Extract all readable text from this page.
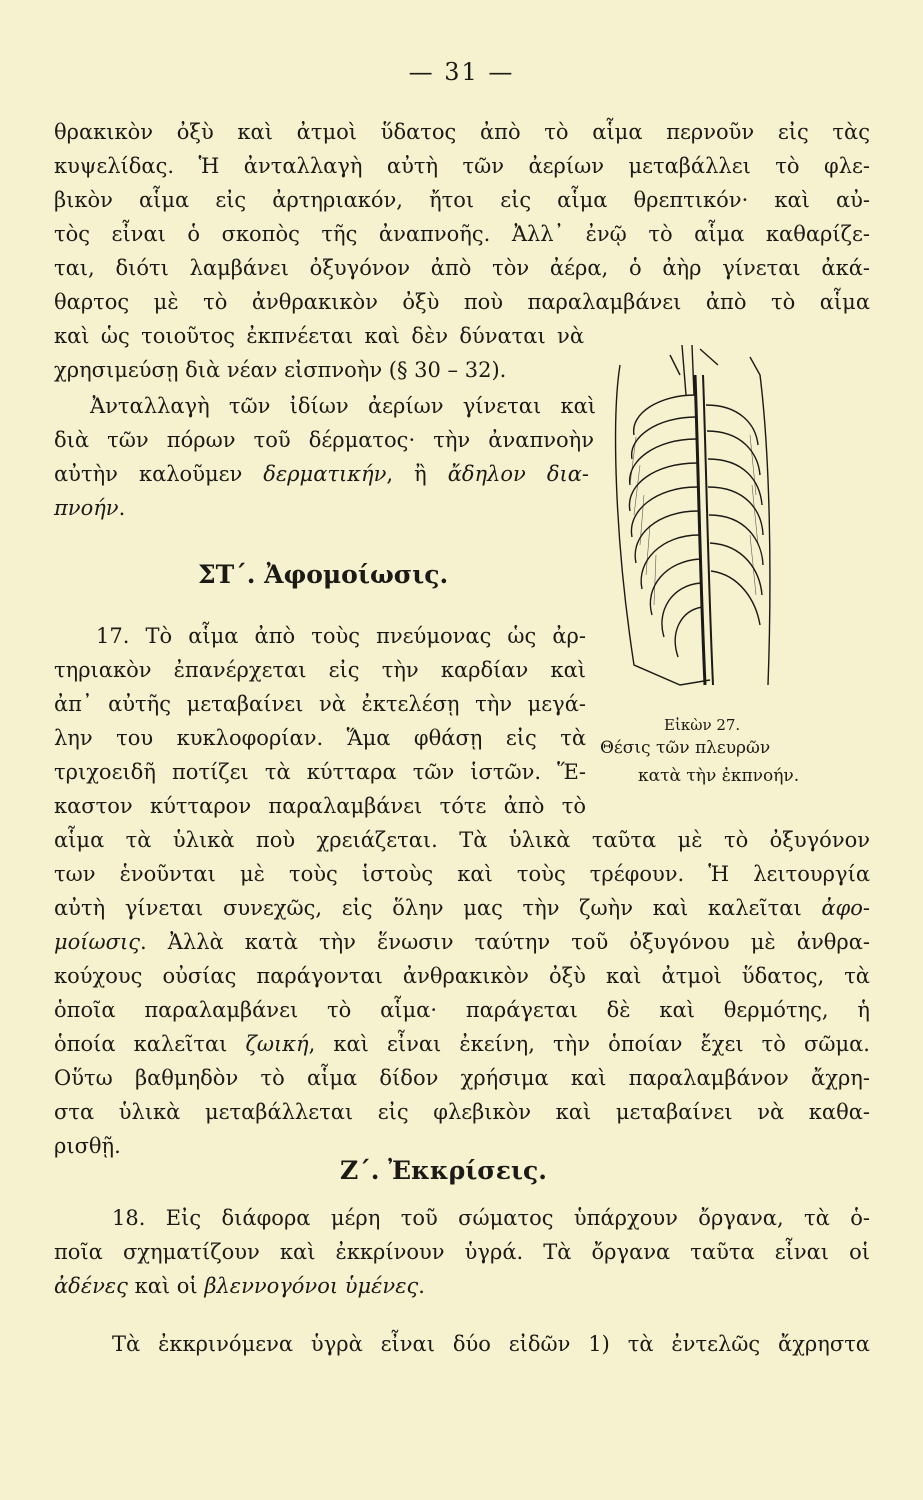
— 31 —
θρακικὸν ὀξὺ καὶ ἀτμοὶ ὕδατος ἀπὸ τὸ αἷμα περνοῦν εἰς τὰς
κυψελίδας. Ἡ ἀνταλλαγὴ αὐτὴ τῶν ἀερίων μεταβάλλει τὸ φλε-
βικὸν αἷμα εἰς ἀρτηριακόν, ἤτοι εἰς αἷμα θρεπτικόν· καὶ αὐ-
τὸς εἶναι ὁ σκοπὸς τῆς ἀναπνοῆς. Ἀλλ᾽ ἐνῷ τὸ αἷμα καθαρίζε-
ται, διότι λαμβάνει ὀξυγόνον ἀπὸ τὸν ἀέρα, ὁ ἀὴρ γίνεται ἀκά-
θαρτος μὲ τὸ ἀνθρακικὸν ὀξὺ ποὺ παραλαμβάνει ἀπὸ τὸ αἷμα
καὶ ὡς τοιοῦτος ἐκπνέεται καὶ δὲν δύναται νὰ
χρησιμεύσῃ διὰ νέαν εἰσπνοὴν (§ 30 – 32).
Ἀνταλλαγὴ τῶν ἰδίων ἀερίων γίνεται καὶ
διὰ τῶν πόρων τοῦ δέρματος· τὴν ἀναπνοὴν
αὐτὴν καλοῦμεν δερματικήν, ἢ ἄδηλον δια-
πνοήν.
ΣΤ΄. Ἀφομοίωσις.
17. Τὸ αἷμα ἀπὸ τοὺς πνεύμονας ὡς ἀρ-
τηριακὸν ἐπανέρχεται εἰς τὴν καρδίαν καὶ
ἀπ᾽ αὐτῆς μεταβαίνει νὰ ἐκτελέσῃ τὴν μεγά-
λην του κυκλοφορίαν. Ἅμα φθάσῃ εἰς τὰ
τριχοειδῆ ποτίζει τὰ κύτταρα τῶν ἱστῶν. Ἕ-
καστον κύτταρον παραλαμβάνει τότε ἀπὸ τὸ
αἷμα τὰ ὑλικὰ ποὺ χρειάζεται. Τὰ ὑλικὰ ταῦτα μὲ τὸ ὀξυγόνον
των ἑνοῦνται μὲ τοὺς ἱστοὺς καὶ τοὺς τρέφουν. Ἡ λειτουργία
αὐτὴ γίνεται συνεχῶς, εἰς ὅλην μας τὴν ζωὴν καὶ καλεῖται ἀφο-
μοίωσις. Ἀλλὰ κατὰ τὴν ἕνωσιν ταύτην τοῦ ὀξυγόνου μὲ ἀνθρα-
κούχους οὐσίας παράγονται ἀνθρακικὸν ὀξὺ καὶ ἀτμοὶ ὕδατος, τὰ
ὁποῖα παραλαμβάνει τὸ αἷμα· παράγεται δὲ καὶ θερμότης, ἡ
ὁποία καλεῖται ζωική, καὶ εἶναι ἐκείνη, τὴν ὁποίαν ἔχει τὸ σῶμα.
Οὕτω βαθμηδὸν τὸ αἷμα δίδον χρήσιμα καὶ παραλαμβάνον ἄχρη-
στα ὑλικὰ μεταβάλλεται εἰς φλεβικὸν καὶ μεταβαίνει νὰ καθα-
ρισθῇ.
Ζ΄. Ἐκκρίσεις.
18. Εἰς διάφορα μέρη τοῦ σώματος ὑπάρχουν ὄργανα, τὰ ὁ-
ποῖα σχηματίζουν καὶ ἐκκρίνουν ὑγρά. Τὰ ὄργανα ταῦτα εἶναι οἱ
ἀδένες καὶ οἱ βλεννογόνοι ὑμένες.
Τὰ ἐκκρινόμενα ὑγρὰ εἶναι δύο εἰδῶν 1) τὰ ἐντελῶς ἄχρηστα
Εἰκὼν 27.
Θέσις τῶν πλευρῶν
κατὰ τὴν ἐκπνοήν.
